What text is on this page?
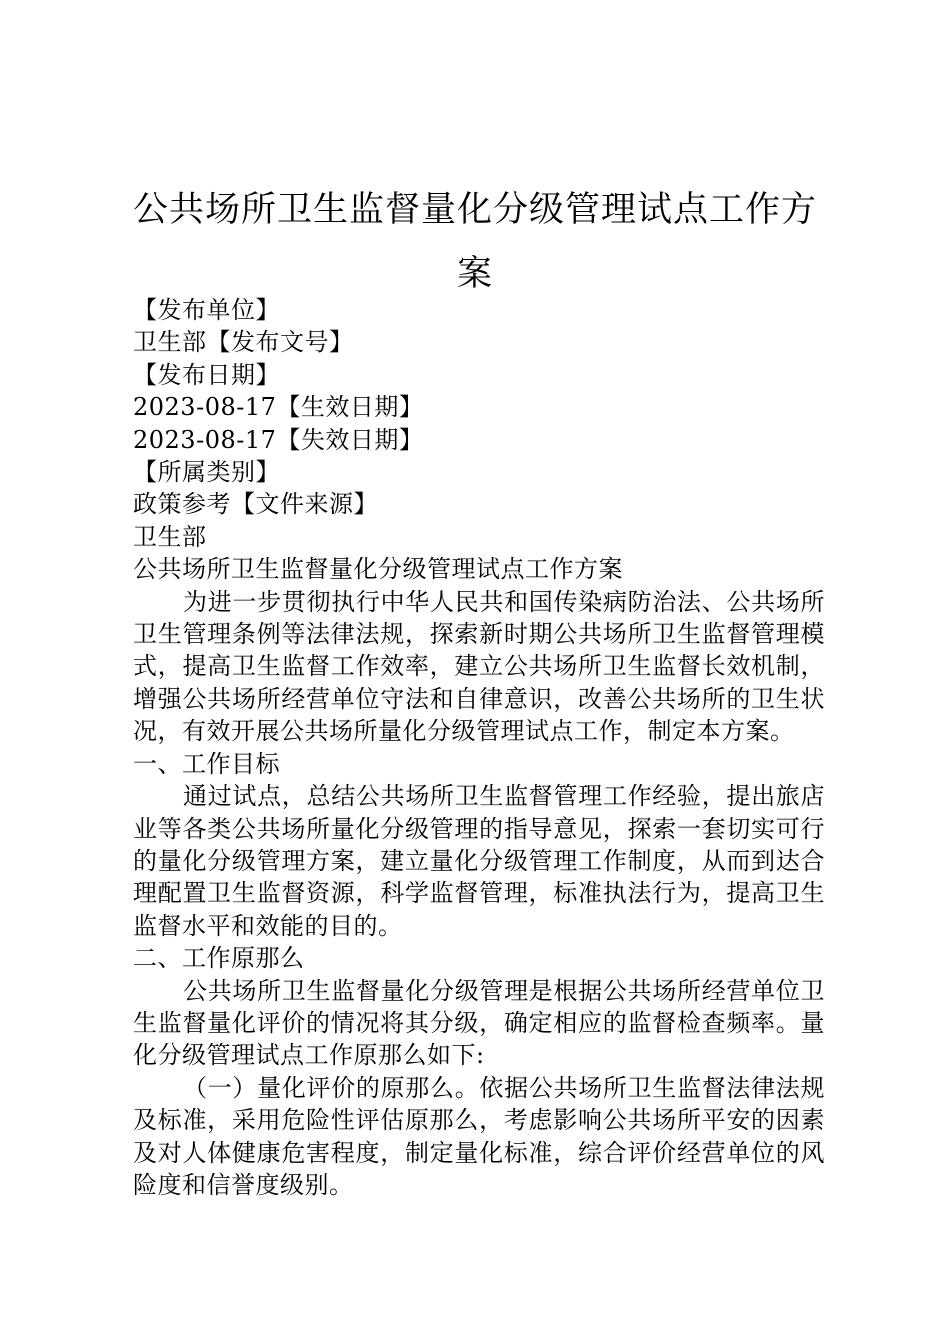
公共场所卫生监督量化分级管理试点工作方
案

【发布单位】

卫生部【发布文号】

【发布日期】

2023-08-17【生效日期】

2023-08-17【失效日期】

【所属类别】

政策参考【文件来源】

卫生部

公共场所卫生监督量化分级管理试点工作方案

为进一步贯彻执行中华人民共和国传染病防治法、公共场所卫生管理条例等法律法规，探索新时期公共场所卫生监督管理模式，提高卫生监督工作效率，建立公共场所卫生监督长效机制，增强公共场所经营单位守法和自律意识，改善公共场所的卫生状况，有效开展公共场所量化分级管理试点工作，制定本方案。

一、工作目标

通过试点，总结公共场所卫生监督管理工作经验，提出旅店业等各类公共场所量化分级管理的指导意见，探索一套切实可行的量化分级管理方案，建立量化分级管理工作制度，从而到达合理配置卫生监督资源，科学监督管理，标准执法行为，提高卫生监督水平和效能的目的。

二、工作原那么

公共场所卫生监督量化分级管理是根据公共场所经营单位卫生监督量化评价的情况将其分级，确定相应的监督检查频率。量化分级管理试点工作原那么如下:

（一）量化评价的原那么。依据公共场所卫生监督法律法规及标准，采用危险性评估原那么，考虑影响公共场所平安的因素及对人体健康危害程度，制定量化标准，综合评价经营单位的风险度和信誉度级别。
